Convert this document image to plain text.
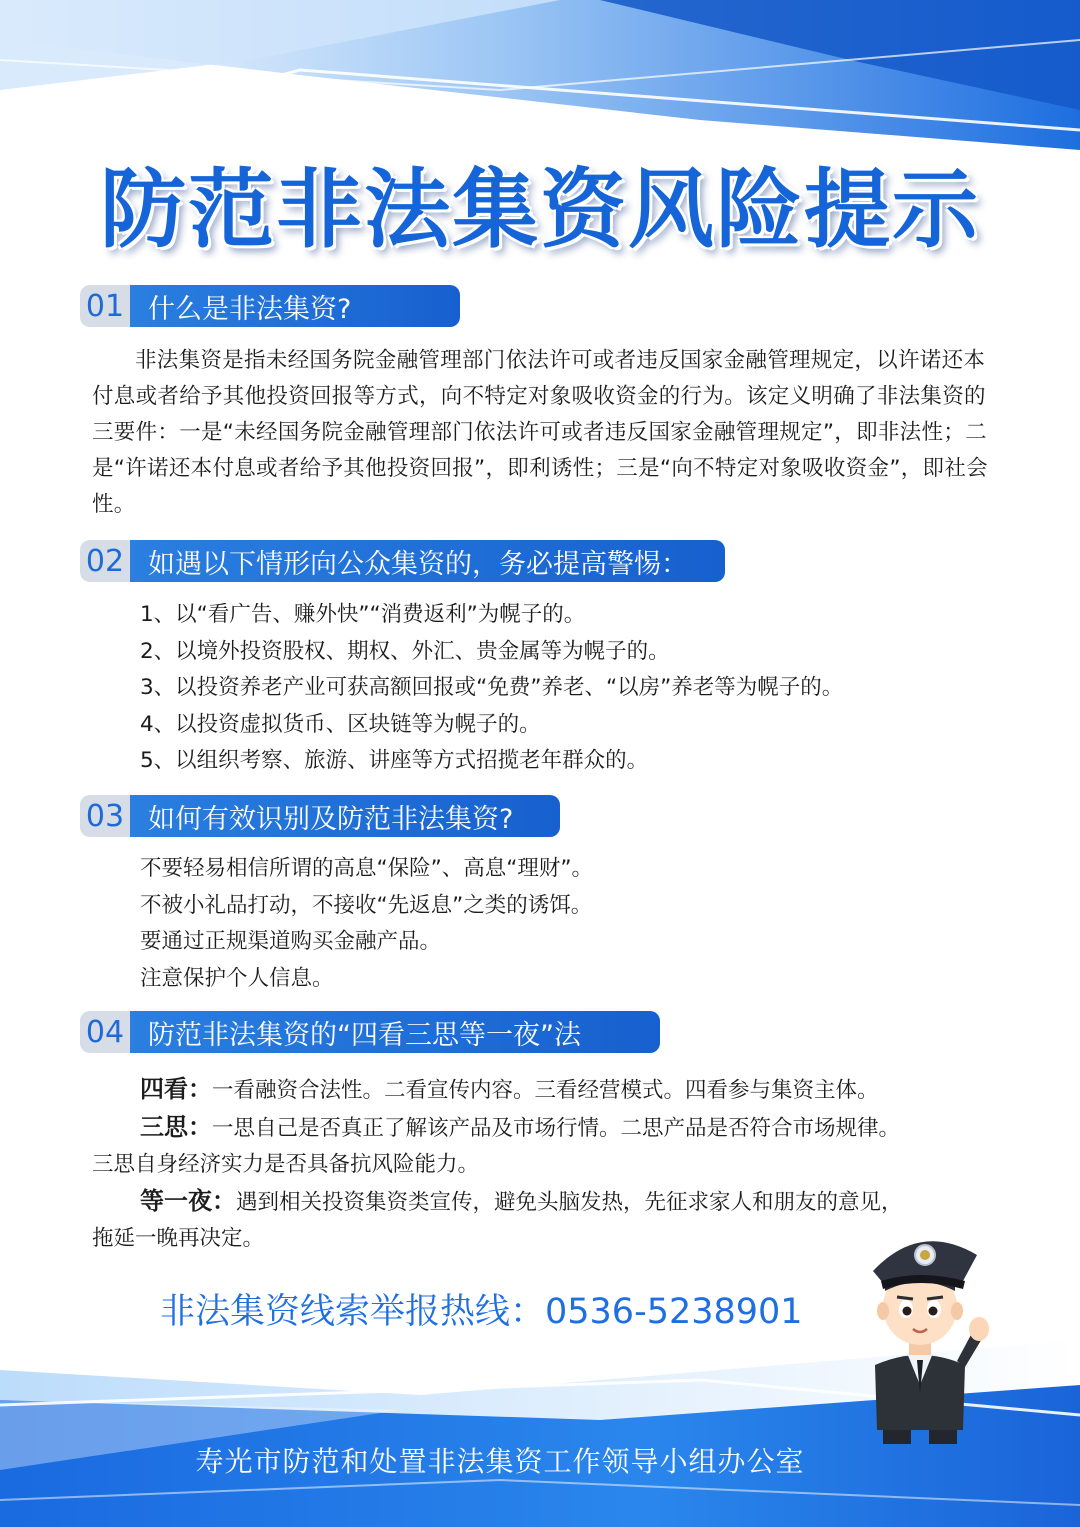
防范非法集资风险提示
01 什么是非法集资?
非法集资是指未经国务院金融管理部门依法许可或者违反国家金融管理规定，以许诺还本付息或者给予其他投资回报等方式，向不特定对象吸收资金的行为。该定义明确了非法集资的三要件：一是“未经国务院金融管理部门依法许可或者违反国家金融管理规定”，即非法性；二是“许诺还本付息或者给予其他投资回报”，即利诱性；三是“向不特定对象吸收资金”，即社会性。
02 如遇以下情形向公众集资的，务必提高警惕：
1、以“看广告、赚外快”“消费返利”为幌子的。
2、以境外投资股权、期权、外汇、贵金属等为幌子的。
3、以投资养老产业可获高额回报或“免费”养老、“以房”养老等为幌子的。
4、以投资虚拟货币、区块链等为幌子的。
5、以组织考察、旅游、讲座等方式招揽老年群众的。
03 如何有效识别及防范非法集资?
不要轻易相信所谓的高息“保险”、高息“理财”。
不被小礼品打动，不接收“先返息”之类的诱饵。
要通过正规渠道购买金融产品。
注意保护个人信息。
04 防范非法集资的“四看三思等一夜”法
四看：一看融资合法性。二看宣传内容。三看经营模式。四看参与集资主体。
三思：一思自己是否真正了解该产品及市场行情。二思产品是否符合市场规律。
三思自身经济实力是否具备抗风险能力。
等一夜：遇到相关投资集资类宣传，避免头脑发热，先征求家人和朋友的意见，
拖延一晚再决定。
非法集资线索举报热线：0536-5238901
寿光市防范和处置非法集资工作领导小组办公室
